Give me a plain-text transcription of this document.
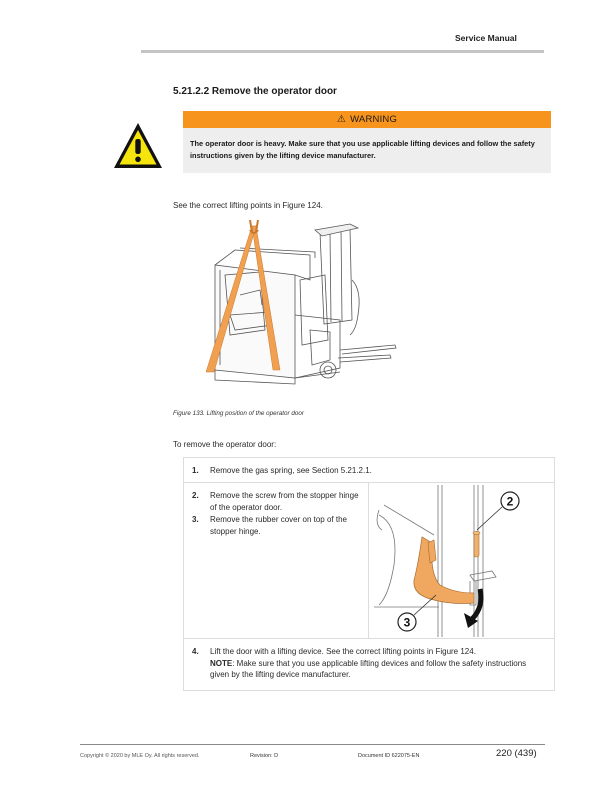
Service Manual
5.21.2.2 Remove the operator door
⚠ WARNING
The operator door is heavy. Make sure that you use applicable lifting devices and follow the safety instructions given by the lifting device manufacturer.
See the correct lifting points in Figure 124.
Figure 133. Lifting position of the operator door
To remove the operator door:
1. Remove the gas spring, see Section 5.21.2.1.
2. Remove the screw from the stopper hinge of the operator door.
3. Remove the rubber cover on top of the stopper hinge.
2
3
4. Lift the door with a lifting device. See the correct lifting points in Figure 124.
NOTE: Make sure that you use applicable lifting devices and follow the safety instructions given by the lifting device manufacturer.
Copyright © 2020 by MLE Oy. All rights reserved.	Revision: D	Document ID 622075-EN	220 (439)
